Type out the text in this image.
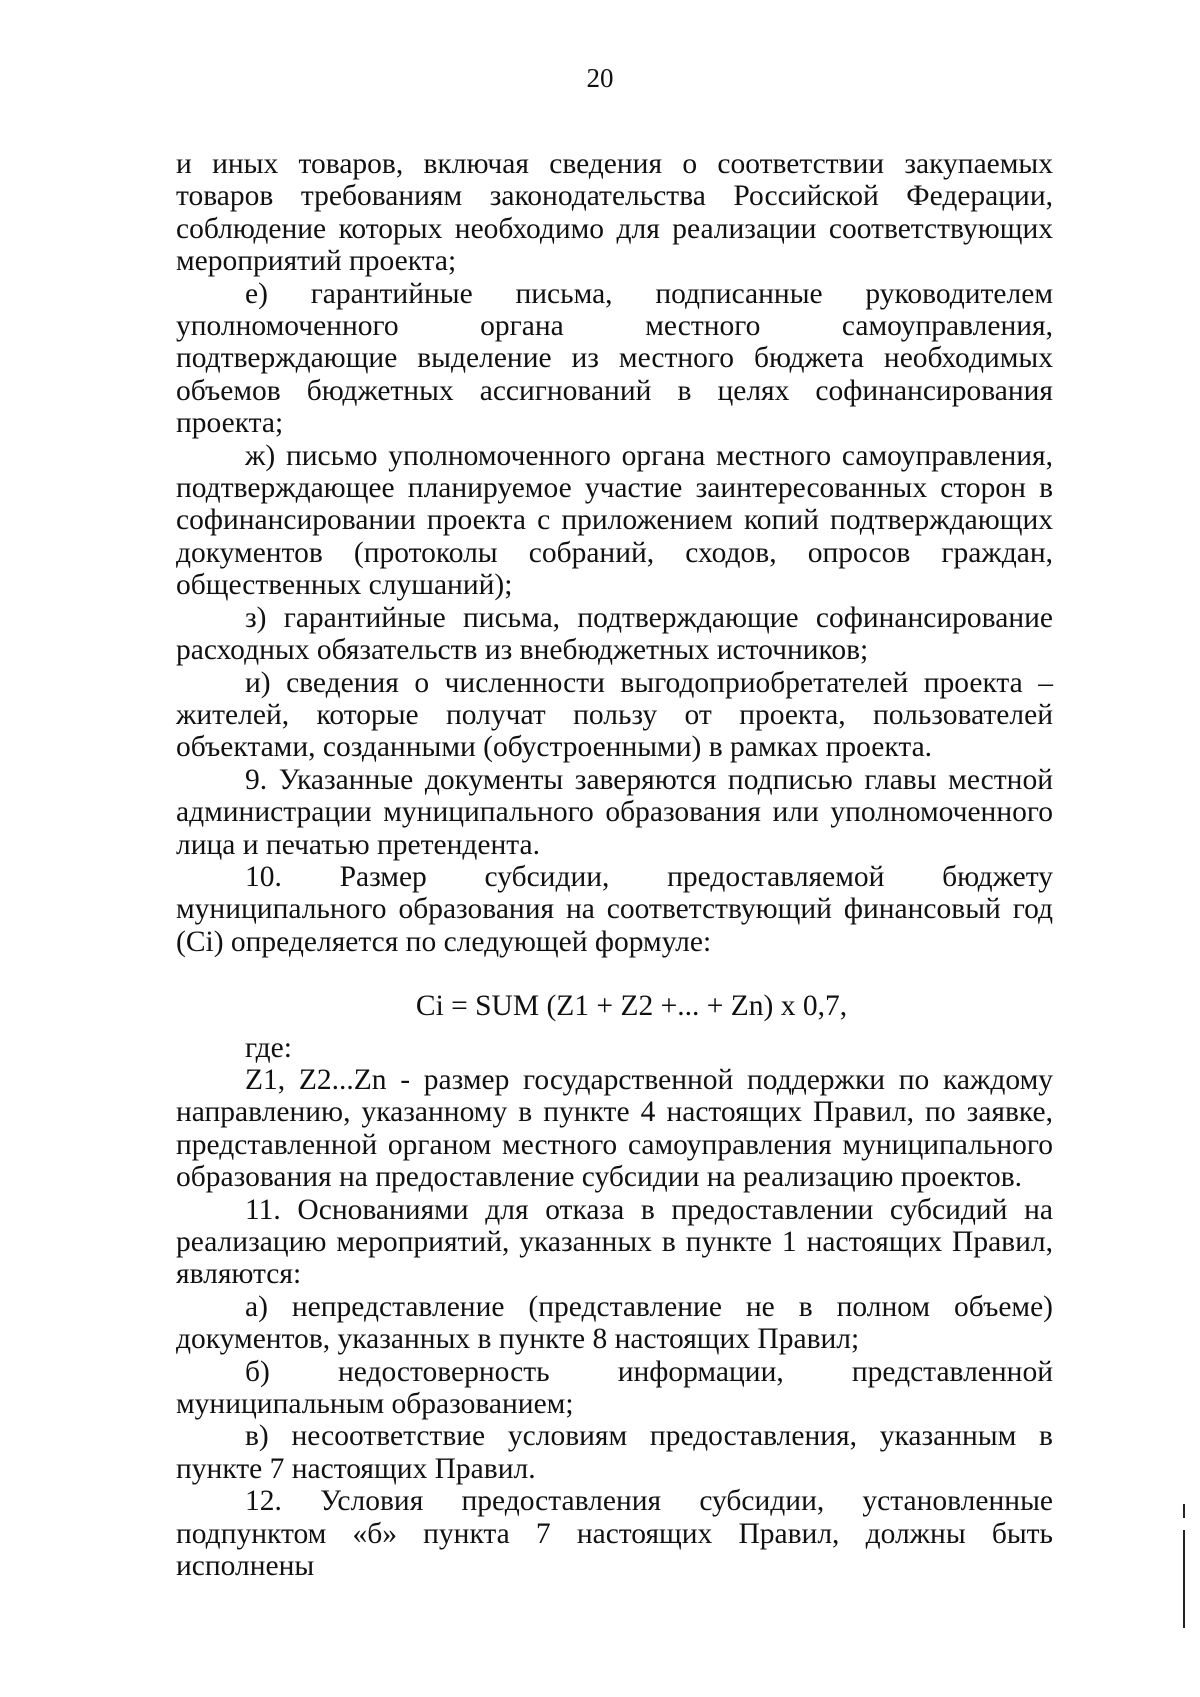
20

и иных товаров, включая сведения о соответствии закупаемых товаров требованиям законодательства Российской Федерации, соблюдение которых необходимо для реализации соответствующих мероприятий проекта;

е) гарантийные письма, подписанные руководителем уполномоченного органа местного самоуправления, подтверждающие выделение из местного бюджета необходимых объемов бюджетных ассигнований в целях софинансирования проекта;

ж) письмо уполномоченного органа местного самоуправления, подтверждающее планируемое участие заинтересованных сторон в софинансировании проекта с приложением копий подтверждающих документов (протоколы собраний, сходов, опросов граждан, общественных слушаний);

з) гарантийные письма, подтверждающие софинансирование расходных обязательств из внебюджетных источников;

и) сведения о численности выгодоприобретателей проекта – жителей, которые получат пользу от проекта, пользователей объектами, созданными (обустроенными) в рамках проекта.

9. Указанные документы заверяются подписью главы местной администрации муниципального образования или уполномоченного лица и печатью претендента.

10. Размер субсидии, предоставляемой бюджету муниципального образования на соответствующий финансовый год (Ci) определяется по следующей формуле:

Ci = SUM (Z1 + Z2 +... + Zn) x 0,7,

где:

Z1, Z2...Zn - размер государственной поддержки по каждому направлению, указанному в пункте 4 настоящих Правил, по заявке, представленной органом местного самоуправления муниципального образования на предоставление субсидии на реализацию проектов.

11. Основаниями для отказа в предоставлении субсидий на реализацию мероприятий, указанных в пункте 1 настоящих Правил, являются:

а) непредставление (представление не в полном объеме) документов, указанных в пункте 8 настоящих Правил;

б) недостоверность информации, представленной муниципальным образованием;

в) несоответствие условиям предоставления, указанным в пункте 7 настоящих Правил.

12. Условия предоставления субсидии, установленные подпунктом «б» пункта 7 настоящих Правил, должны быть исполнены
